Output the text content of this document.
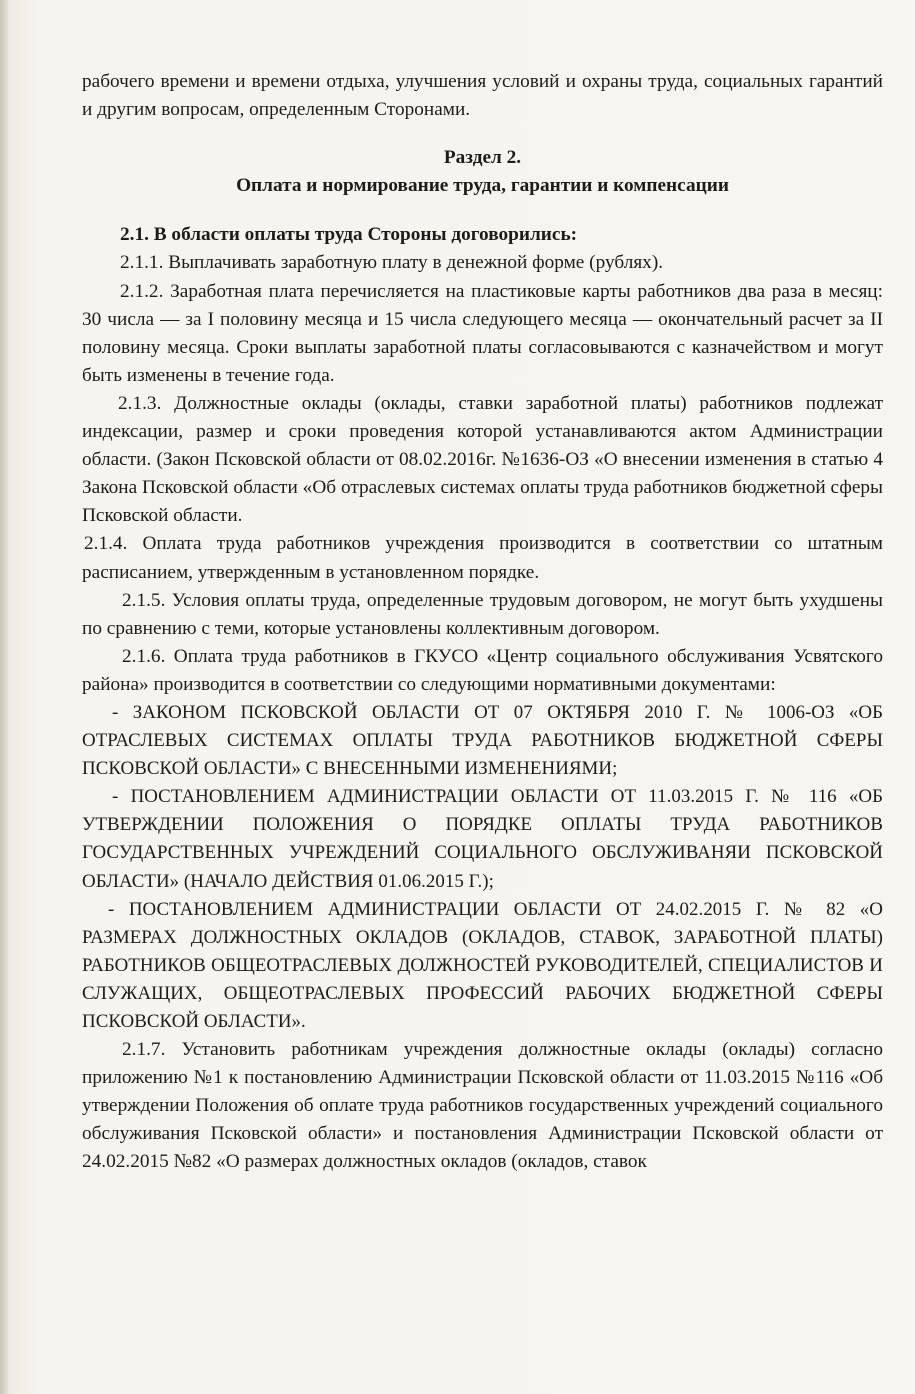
рабочего времени и времени отдыха, улучшения условий и охраны труда, социальных гарантий и другим вопросам, определенным Сторонами.

Раздел 2.

Оплата и нормирование труда, гарантии и компенсации

2.1. В области оплаты труда Стороны договорились:

2.1.1. Выплачивать заработную плату в денежной форме (рублях).

2.1.2. Заработная плата перечисляется на пластиковые карты работников два раза в месяц: 30 числа — за I половину месяца и 15 числа следующего месяца — окончательный расчет за II половину месяца. Сроки выплаты заработной платы согласовываются с казначейством и могут быть изменены в течение года.

2.1.3. Должностные оклады (оклады, ставки заработной платы) работников подлежат индексации, размер и сроки проведения которой устанавливаются актом Администрации области. (Закон Псковской области от 08.02.2016г. №1636-ОЗ «О внесении изменения в статью 4 Закона Псковской области «Об отраслевых системах оплаты труда работников бюджетной сферы Псковской области.

2.1.4. Оплата труда работников учреждения производится в соответствии со штатным расписанием, утвержденным в установленном порядке.

2.1.5. Условия оплаты труда, определенные трудовым договором, не могут быть ухудшены по сравнению с теми, которые установлены коллективным договором.

2.1.6. Оплата труда работников в ГКУСО «Центр социального обслуживания Усвятского района» производится в соответствии со следующими нормативными документами:

- ЗАКОНОМ ПСКОВСКОЙ ОБЛАСТИ ОТ 07 ОКТЯБРЯ 2010 Г. № 1006-ОЗ «ОБ ОТРАСЛЕВЫХ СИСТЕМАХ ОПЛАТЫ ТРУДА РАБОТНИКОВ БЮДЖЕТНОЙ СФЕРЫ ПСКОВСКОЙ ОБЛАСТИ» С ВНЕСЕННЫМИ ИЗМЕНЕНИЯМИ;

- ПОСТАНОВЛЕНИЕМ АДМИНИСТРАЦИИ ОБЛАСТИ ОТ 11.03.2015 Г. № 116 «ОБ УТВЕРЖДЕНИИ ПОЛОЖЕНИЯ О ПОРЯДКЕ ОПЛАТЫ ТРУДА РАБОТНИКОВ ГОСУДАРСТВЕННЫХ УЧРЕЖДЕНИЙ СОЦИАЛЬНОГО ОБСЛУЖИВАНЯИ ПСКОВСКОЙ ОБЛАСТИ» (НАЧАЛО ДЕЙСТВИЯ 01.06.2015 Г.);

- ПОСТАНОВЛЕНИЕМ АДМИНИСТРАЦИИ ОБЛАСТИ ОТ 24.02.2015 Г. № 82 «О РАЗМЕРАХ ДОЛЖНОСТНЫХ ОКЛАДОВ (ОКЛАДОВ, СТАВОК, ЗАРАБОТНОЙ ПЛАТЫ) РАБОТНИКОВ ОБЩЕОТРАСЛЕВЫХ ДОЛЖНОСТЕЙ РУКОВОДИТЕЛЕЙ, СПЕЦИАЛИСТОВ И СЛУЖАЩИХ, ОБЩЕОТРАСЛЕВЫХ ПРОФЕССИЙ РАБОЧИХ БЮДЖЕТНОЙ СФЕРЫ ПСКОВСКОЙ ОБЛАСТИ».

2.1.7. Установить работникам учреждения должностные оклады (оклады) согласно приложению №1 к постановлению Администрации Псковской области от 11.03.2015 №116 «Об утверждении Положения об оплате труда работников государственных учреждений социального обслуживания Псковской области» и постановления Администрации Псковской области от 24.02.2015 №82 «О размерах должностных окладов (окладов, ставок
